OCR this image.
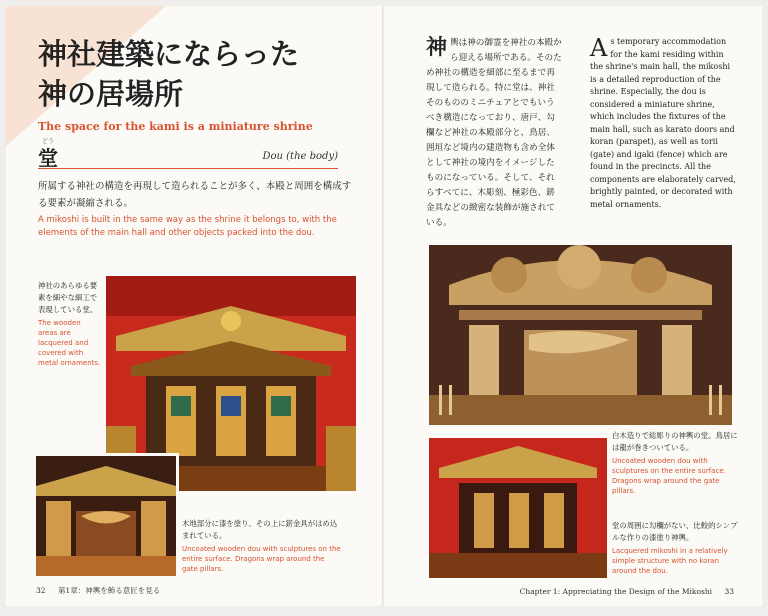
神社建築にならった
神の居場所
The space for the kami is a miniature shrine
どう
堂	Dou (the body)

所属する神社の構造を再現して造られることが多く、本殿と周囲を構成する要素が凝縮される。

A mikoshi is built in the same way as the shrine it belongs to, with the elements of the main hall and other objects packed into the dou.

神社のあらゆる要素を細やな細工で表現している堂。

The wooden areas are lacquered and covered with metal ornaments.

木地部分に漆を塗り、その上に錺金具がはめ込まれている。

Uncoated wooden dou with sculptures on the entire surface. Dragons wrap around the gate pillars.

32 第1章：神輿を飾る意匠を見る

神 輿は神の御霊を神社の本殿から迎える場所である。そのため神社の構造を細部に至るまで再現して造られる。特に堂は、神社そのもののミニチュアとでもいうべき構造になっており、唐戸、勾欄など神社の本殿部分と、鳥居、囲垣など境内の建造物も含め全体として神社の境内をイメージしたものになっている。そして、それらすべてに、木彫刻、極彩色、錺金具などの緻密な装飾が施されている。

A s temporary accommodation for the kami residing within the shrine's main hall, the mikoshi is a detailed reproduction of the shrine. Especially, the dou is considered a miniature shrine, which includes the fixtures of the main hall, such as karato doors and koran (parapet), as well as torii (gate) and igaki (fence) which are found in the precincts. All the components are elaborately carved, brightly painted, or decorated with metal ornaments.

白木造りで総彫りの神輿の堂。鳥居には龍が巻きついている。

Uncoated wooden dou with sculptures on the entire surface. Dragons wrap around the gate pillars.

堂の周囲に勾欄がない、比較的シンプルな作りの漆塗り神輿。

Lacquered mikoshi in a relatively simple structure with no koran around the dou.

Chapter 1: Appreciating the Design of the Mikoshi 33
